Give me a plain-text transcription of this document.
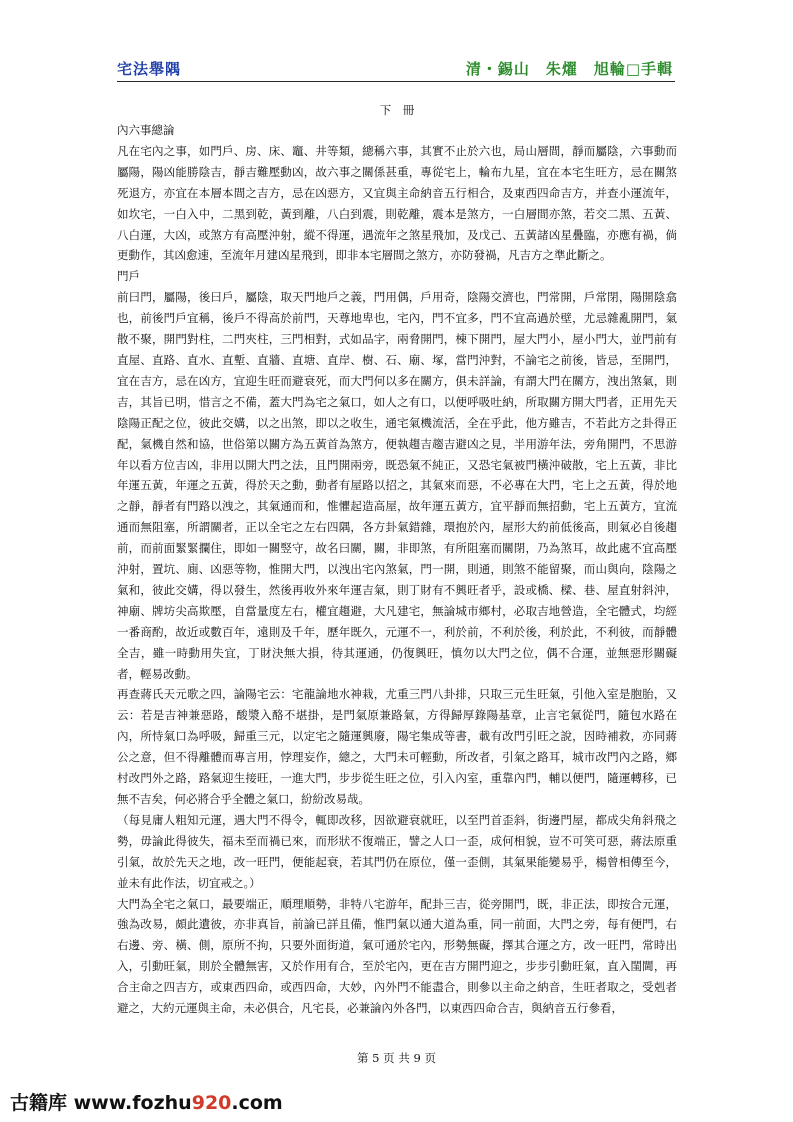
宅法舉隅	清・錫山　朱燿　旭輪□手輯
下　冊

內六事總論

凡在宅內之事，如門戶、房、床、竈、井等類，總稱六事，其實不止於六也，局山層間，靜而屬陰，六事動而屬陽，陽凶能勝陰吉，靜吉難壓動凶，故六事之關係甚重，專從宅上，輪布九星，宜在本宅生旺方，忌在關煞死退方，亦宜在本層本間之吉方，忌在凶惡方，又宜與主命納音五行相合，及東西四命吉方，并查小運流年，如坎宅，一白入中，二黑到乾，黃到離，八白到震，則乾離，震本是煞方，一白層間亦煞，若交二黑、五黃、八白運，大凶，或煞方有高壓沖射，縱不得運，遇流年之煞星飛加，及戊己、五黃諸凶星疊臨，亦應有禍，倘更動作，其凶愈速，至流年月建凶星飛到，即非本宅層間之煞方，亦防發禍，凡吉方之準此斷之。

門戶

前曰門，屬陽，後曰戶，屬陰，取天門地戶之義，門用偶，戶用奇，陰陽交濟也，門常開，戶常閉，陽開陰翕也，前後門戶宜稱，後戶不得高於前門，天尊地卑也，宅內，門不宜多，門不宜高過於壁，尤忌雜亂開門，氣散不聚，開門對柱，二門夾柱，三門相對，式如品字，兩脅開門，棟下開門，屋大門小，屋小門大，並門前有直屋、直路、直水、直塹、直牆、直塘、直岸、樹、石、廟、塚，當門沖對，不論宅之前後，皆忌，至開門，宜在吉方，忌在凶方，宜迎生旺而避衰死，而大門何以多在關方，俱未詳論，有謂大門在關方，洩出煞氣，則吉，其旨已明，惜言之不備，蓋大門為宅之氣口，如人之有口，以便呼吸吐納，所取關方開大門者，正用先天陰陽正配之位，彼此交媾，以之出煞，即以之收生，通宅氣機流活，全在乎此，他方雖吉，不若此方之卦得正配，氣機自然和協，世俗第以關方為五黃首為煞方，便執趨吉趨吉避凶之見，半用游年法，旁角開門，不思游年以看方位吉凶，非用以開大門之法，且門開兩旁，既恐氣不純正，又恐宅氣被門橫沖破散，宅上五黃，非比年運五黃，年運之五黃，得於天之動，動者有屋路以招之，其氣來而惡，不必專在大門，宅上之五黃，得於地之靜，靜者有門路以洩之，其氣通而和，惟懼起造高屋，故年運五黃方，宜平靜而無招動，宅上五黃方，宜流通而無阻塞，所謂關者，正以全宅之左右四隅，各方卦氣錯雜，環抱於內，屋形大約前低後高，則氣必自後趨前，而前面緊緊攔住，即如一關竪守，故名曰關，關，非即煞，有所阻塞而關閉，乃為煞耳，故此處不宜高壓沖射，置坑、廁、凶惡等物，惟開大門，以洩出宅內煞氣，門一開，則通，則煞不能留聚，而山與向，陰陽之氣和，彼此交媾，得以發生，然後再收外來年運吉氣，則丁財有不興旺者乎，設或橋、樑、巷、屋直射斜沖，神廟、牌坊尖高欺壓，自當量度左右，權宜趨避，大凡建宅，無論城市鄉村，必取吉地營造，全宅體式，均經一番商酌，故近或數百年，遠則及千年，歷年既久，元運不一，利於前，不利於後，利於此，不利彼，而靜體全吉，雖一時動用失宜，丁財決無大損，待其運通，仍復興旺，慎勿以大門之位，偶不合運，並無惡形關礙者，輕易改動。

再查蔣氏天元歌之四，論陽宅云：宅龍論地水神栽，尤重三門八卦排，只取三元生旺氣，引他入室是胞胎，又云：若是吉神兼惡路，酸漿入酪不堪掛，是門氣原兼路氣，方得歸厚錄陽基章，止言宅氣從門，隨包水路在內，所恃氣口為呼吸，歸重三元，以定宅之隨運興廢，陽宅集成等書，載有改門引旺之說，因時補救，亦同蔣公之意，但不得離體而專言用，悖理妄作，總之，大門未可輕動，所改者，引氣之路耳，城市改門內之路，鄉村改門外之路，路氣迎生接旺，一進大門，步步從生旺之位，引入內室，重靠內門，輔以便門，隨運轉移，已無不吉矣，何必將合乎全體之氣口，紛紛改易哉。

（每見庸人粗知元運，遇大門不得令，輒即改移，因欲避衰就旺，以至門首歪斜，街邊門屋，都成尖角斜飛之勢，毋論此得彼失，福未至而禍已來，而形狀不復端正，譬之人口一歪，成何相貌，豈不可笑可惡，蔣法原重引氣，故於先天之地，改一旺門，便能起衰，若其門仍在原位，僅一歪側，其氣果能變易乎，楊曾相傳至今，並未有此作法，切宜戒之。）

大門為全宅之氣口，最要端正，順理順勢，非特八宅游年，配卦三吉，從旁開門，既，非正法，即按合元運，強為改易，頗此遺彼，亦非真旨，前論已詳且備，惟門氣以通大道為重，同一前面，大門之旁，每有便門，右右邊、旁、橫、側，原所不拘，只要外面街道，氣可通於宅內，形勢無礙，擇其合運之方，改一旺門，常時出入，引動旺氣，則於全體無害，又於作用有合，至於宅內，更在吉方開門迎之，步步引動旺氣，直入閨閫，再合主命之四吉方，或東西四命，或西四命，大妙，內外門不能盡合，則參以主命之納音，生旺者取之，受剋者避之，大約元運與主命，未必俱合，凡宅長，必兼論內外各門，以東西四命合吉，與納音五行參看，

第 5 页 共 9 页
古籍库 www.fozhu920.com
